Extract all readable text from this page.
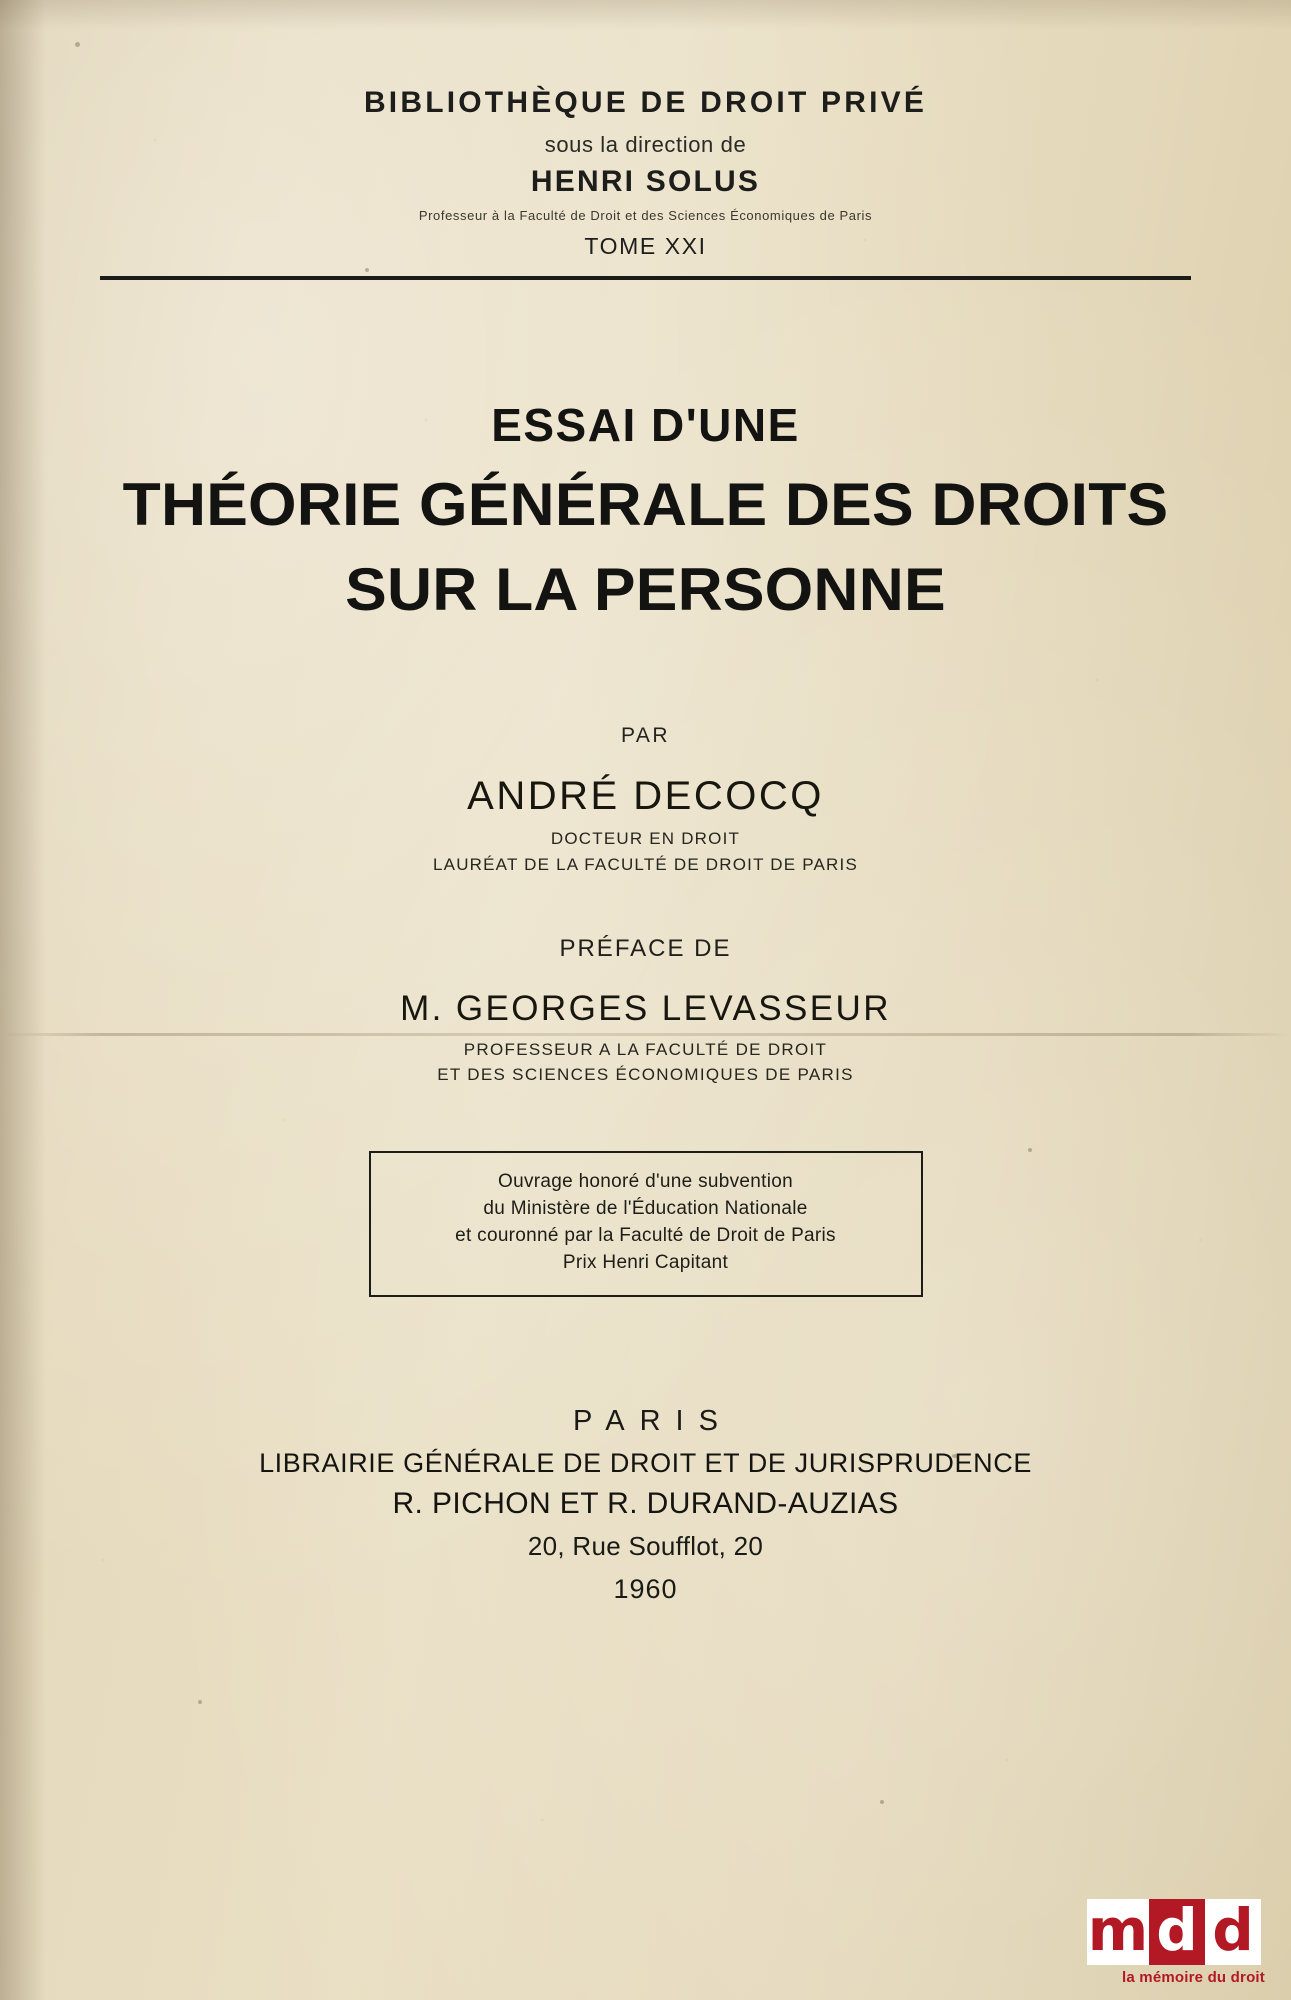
BIBLIOTHÈQUE DE DROIT PRIVÉ
sous la direction de
HENRI SOLUS
Professeur à la Faculté de Droit et des Sciences Économiques de Paris
TOME XXI
ESSAI D'UNE
THÉORIE GÉNÉRALE DES DROITS
SUR LA PERSONNE
PAR
ANDRÉ DECOCQ
DOCTEUR EN DROIT
LAURÉAT DE LA FACULTÉ DE DROIT DE PARIS
PRÉFACE DE
M. GEORGES LEVASSEUR
PROFESSEUR A LA FACULTÉ DE DROIT
ET DES SCIENCES ÉCONOMIQUES DE PARIS
Ouvrage honoré d'une subvention
du Ministère de l'Éducation Nationale
et couronné par la Faculté de Droit de Paris
Prix Henri Capitant
PARIS
LIBRAIRIE GÉNÉRALE DE DROIT ET DE JURISPRUDENCE
R. PICHON ET R. DURAND-AUZIAS
20, Rue Soufflot, 20
1960
m d d
la mémoire du droit
